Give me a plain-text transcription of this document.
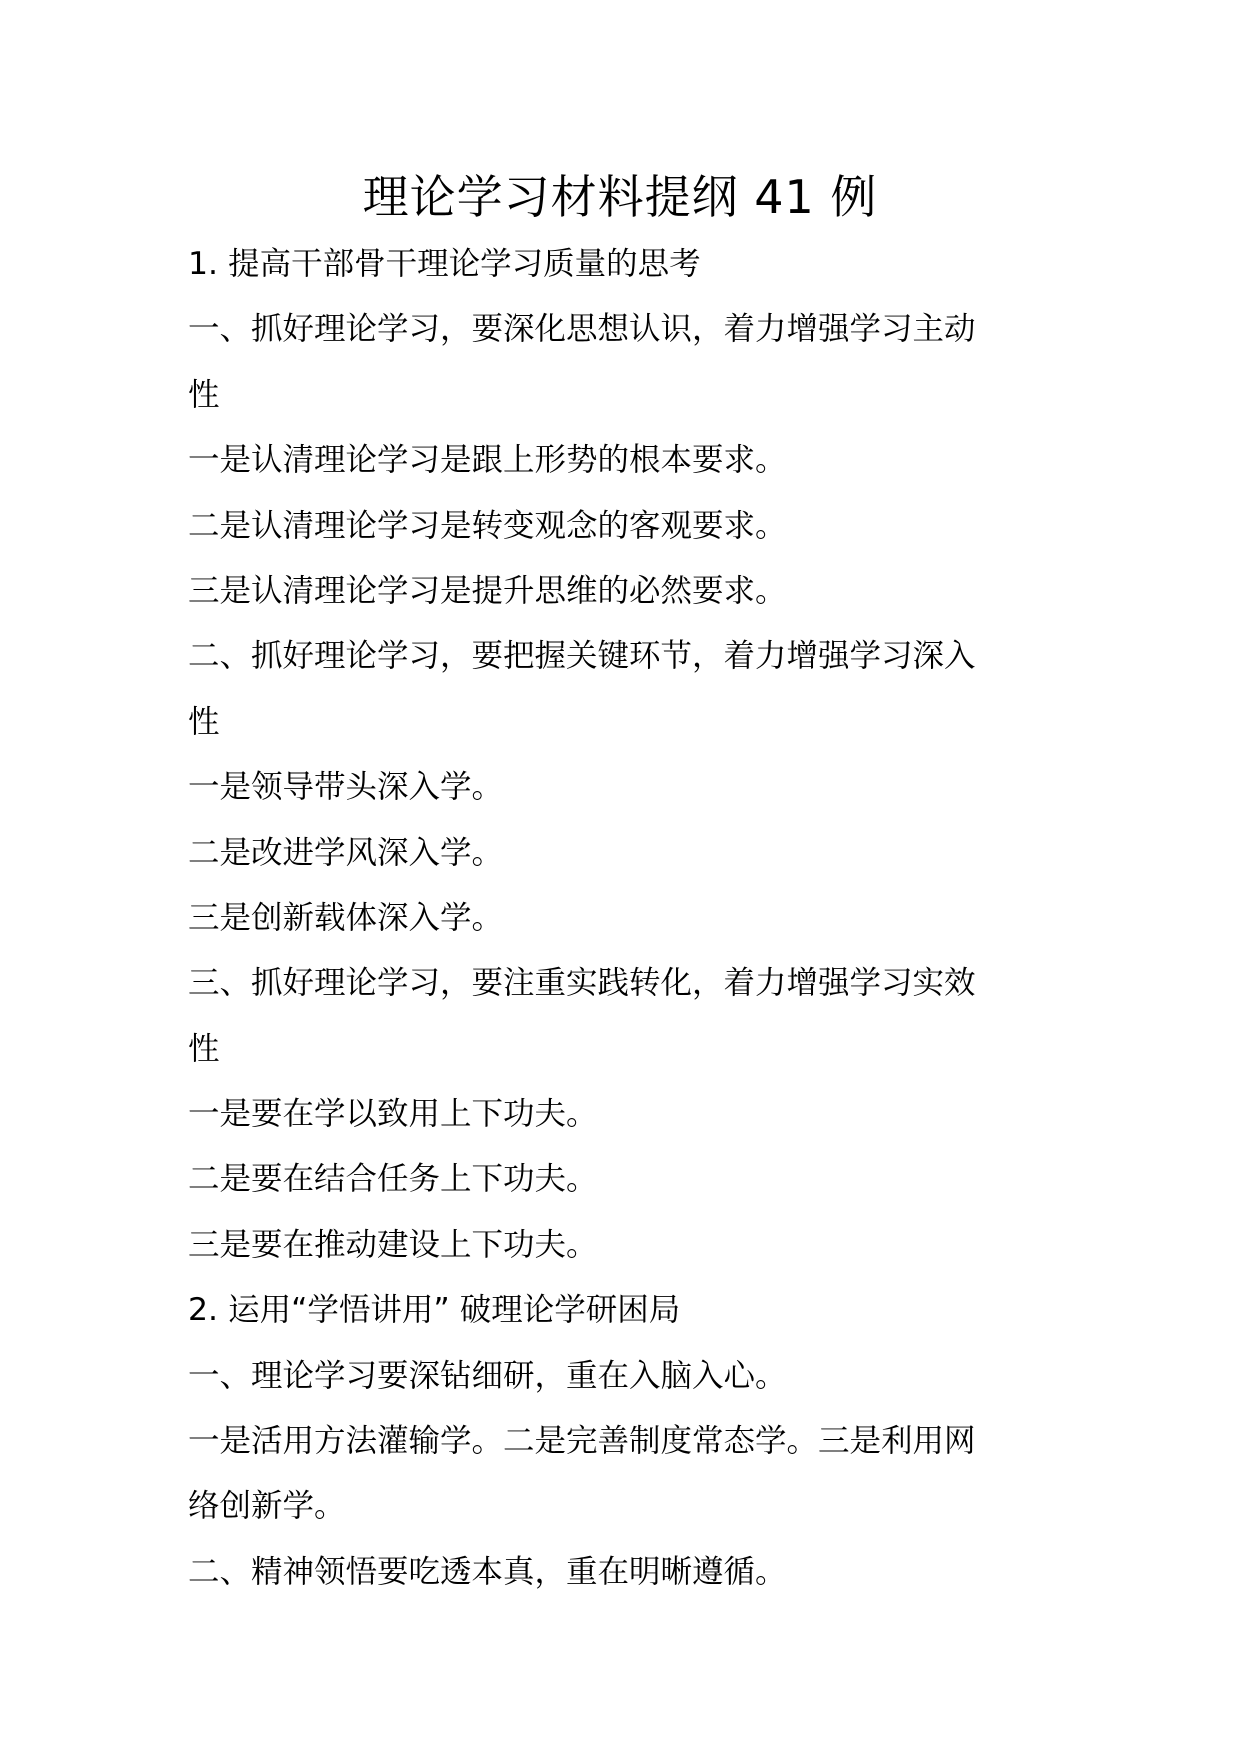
理论学习材料提纲 41 例
1. 提高干部骨干理论学习质量的思考
一、抓好理论学习，要深化思想认识，着力增强学习主动
性
一是认清理论学习是跟上形势的根本要求。
二是认清理论学习是转变观念的客观要求。
三是认清理论学习是提升思维的必然要求。
二、抓好理论学习，要把握关键环节，着力增强学习深入
性
一是领导带头深入学。
二是改进学风深入学。
三是创新载体深入学。
三、抓好理论学习，要注重实践转化，着力增强学习实效
性
一是要在学以致用上下功夫。
二是要在结合任务上下功夫。
三是要在推动建设上下功夫。
2. 运用“学悟讲用” 破理论学研困局
一、理论学习要深钻细研，重在入脑入心。
一是活用方法灌输学。二是完善制度常态学。三是利用网
络创新学。
二、精神领悟要吃透本真，重在明晰遵循。
